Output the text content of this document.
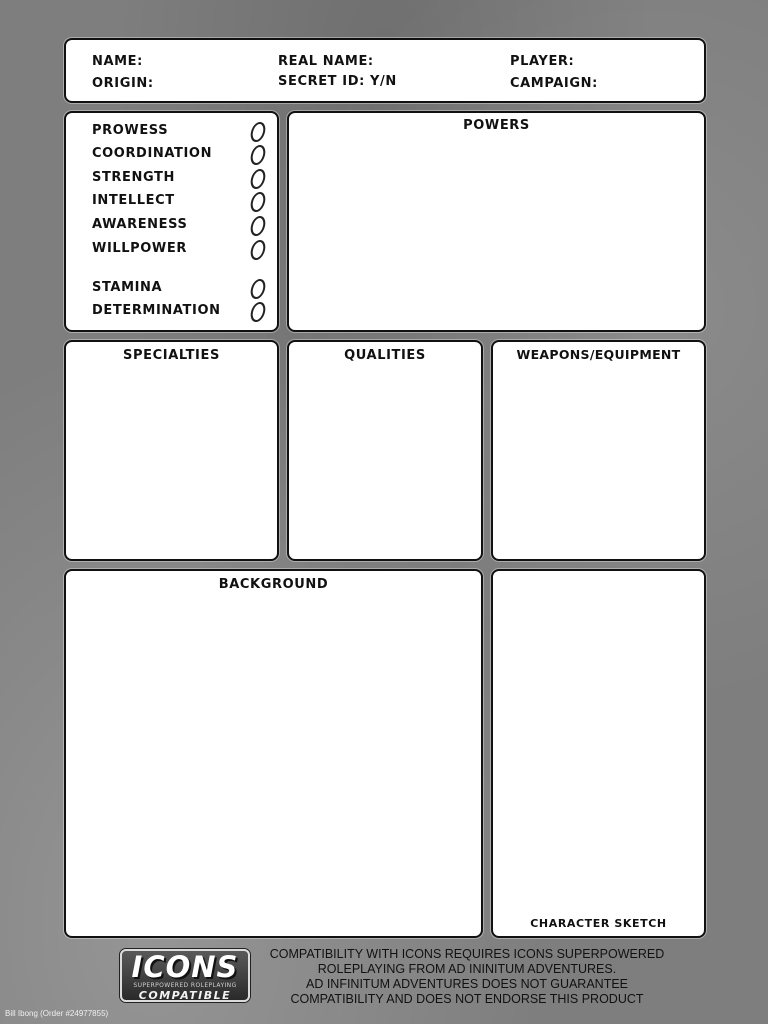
NAME:
ORIGIN:
REAL NAME:
SECRET ID: Y/N
PLAYER:
CAMPAIGN:
PROWESS
COORDINATION
STRENGTH
INTELLECT
AWARENESS
WILLPOWER
STAMINA
DETERMINATION
POWERS
SPECIALTIES	QUALITIES	WEAPONS/EQUIPMENT
BACKGROUND
CHARACTER SKETCH
ICONS
SUPERPOWERED ROLEPLAYING
COMPATIBLE
COMPATIBILITY WITH ICONS REQUIRES ICONS SUPERPOWERED
ROLEPLAYING FROM AD ININITUM ADVENTURES.
AD INFINITUM ADVENTURES DOES NOT GUARANTEE
COMPATIBILITY AND DOES NOT ENDORSE THIS PRODUCT
Bill Ibong (Order #24977855)
